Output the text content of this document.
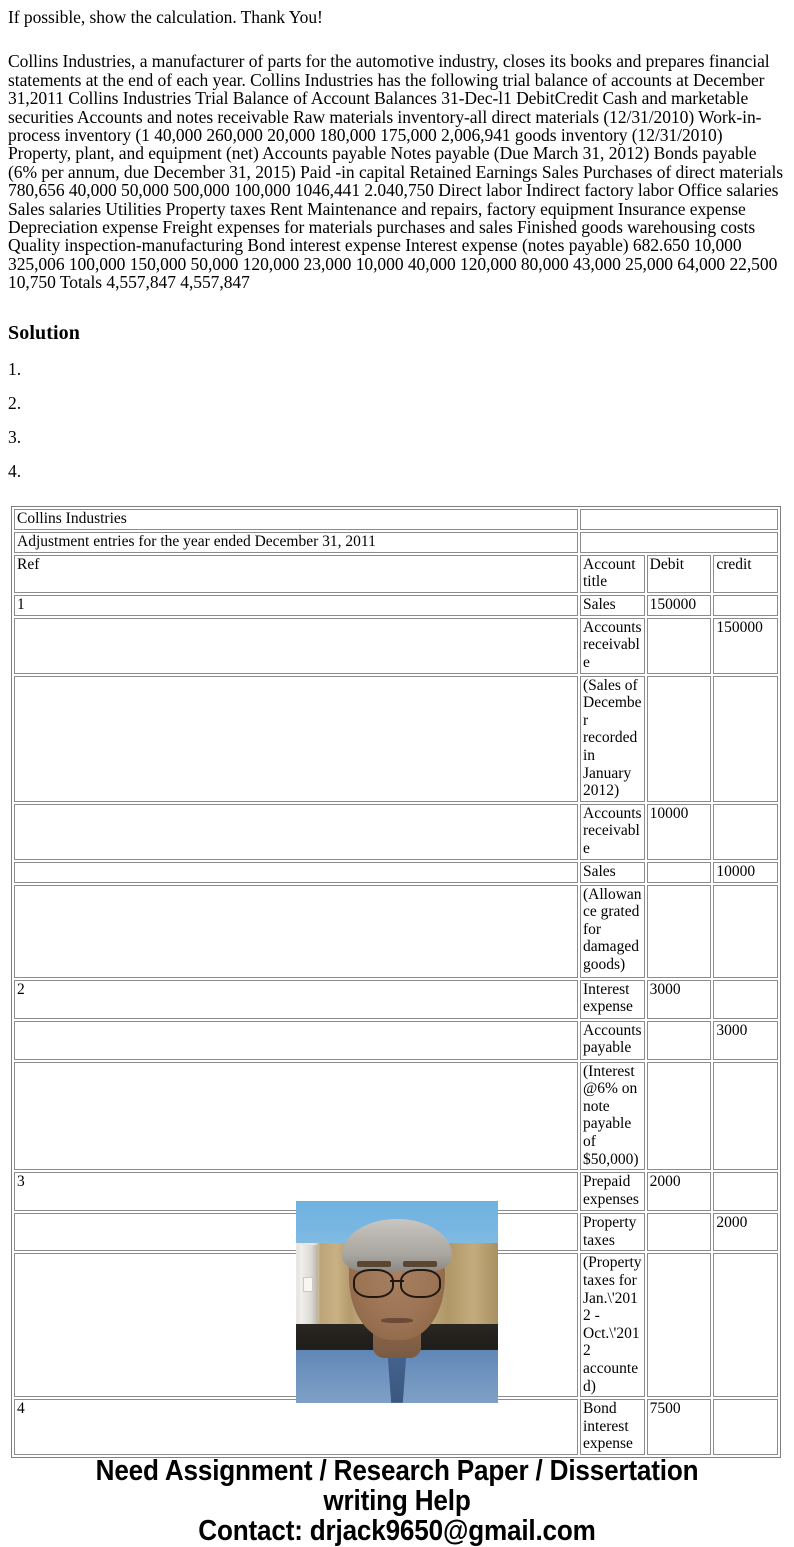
If possible, show the calculation. Thank You!

Collins Industries, a manufacturer of parts for the automotive industry, closes its books and prepares financial statements at the end of each year. Collins Industries has the following trial balance of accounts at December 31,2011 Collins Industries Trial Balance of Account Balances 31-Dec-l1 DebitCredit Cash and marketable securities Accounts and notes receivable Raw materials inventory-all direct materials (12/31/2010) Work-in-process inventory (1 40,000 260,000 20,000 180,000 175,000 2,006,941 goods inventory (12/31/2010) Property, plant, and equipment (net) Accounts payable Notes payable (Due March 31, 2012) Bonds payable (6% per annum, due December 31, 2015) Paid -in capital Retained Earnings Sales Purchases of direct materials 780,656 40,000 50,000 500,000 100,000 1046,441 2.040,750 Direct labor Indirect factory labor Office salaries Sales salaries Utilities Property taxes Rent Maintenance and repairs, factory equipment Insurance expense Depreciation expense Freight expenses for materials purchases and sales Finished goods warehousing costs Quality inspection-manufacturing Bond interest expense Interest expense (notes payable) 682.650 10,000 325,006 100,000 150,000 50,000 120,000 23,000 10,000 40,000 120,000 80,000 43,000 25,000 64,000 22,500 10,750 Totals 4,557,847 4,557,847

Solution
Collins Industries			
Adjustment entries for the year ended December 31, 2011			
Ref	Account title	Debit	credit
1	Sales	150000	
	Accounts receivable		150000
	(Sales of December recorded in January 2012)		
	Accounts receivable	10000	
	Sales		10000
	(Allowance grated for damaged goods)		
2	Interest expense	3000	
	Accounts payable		3000
	(Interest @6% on note payable of $50,000)		
3	Prepaid expenses	2000	
	Property taxes		2000
	(Property taxes for Jan.\'2012 - Oct.\'2012 accounted)		
4	Bond interest expense	7500	
Need Assignment / Research Paper / Dissertation
writing Help
Contact: drjack9650@gmail.com
